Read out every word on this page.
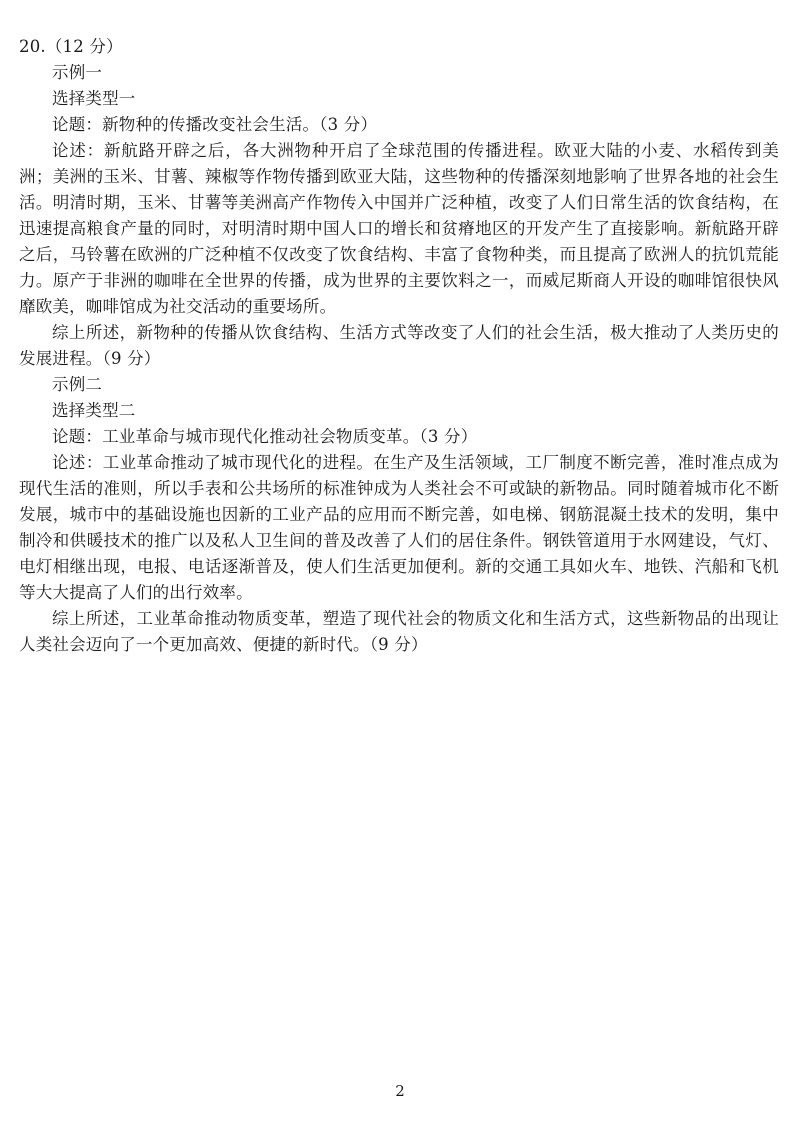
20.（12 分）
示例一
选择类型一
论题：新物种的传播改变社会生活。（3 分）
论述：新航路开辟之后，各大洲物种开启了全球范围的传播进程。欧亚大陆的小麦、水稻传到美洲；美洲的玉米、甘薯、辣椒等作物传播到欧亚大陆，这些物种的传播深刻地影响了世界各地的社会生活。明清时期，玉米、甘薯等美洲高产作物传入中国并广泛种植，改变了人们日常生活的饮食结构，在迅速提高粮食产量的同时，对明清时期中国人口的增长和贫瘠地区的开发产生了直接影响。新航路开辟之后，马铃薯在欧洲的广泛种植不仅改变了饮食结构、丰富了食物种类，而且提高了欧洲人的抗饥荒能力。原产于非洲的咖啡在全世界的传播，成为世界的主要饮料之一，而威尼斯商人开设的咖啡馆很快风靡欧美，咖啡馆成为社交活动的重要场所。
综上所述，新物种的传播从饮食结构、生活方式等改变了人们的社会生活，极大推动了人类历史的发展进程。（9 分）
示例二
选择类型二
论题：工业革命与城市现代化推动社会物质变革。（3 分）
论述：工业革命推动了城市现代化的进程。在生产及生活领域，工厂制度不断完善，准时准点成为现代生活的准则，所以手表和公共场所的标准钟成为人类社会不可或缺的新物品。同时随着城市化不断发展，城市中的基础设施也因新的工业产品的应用而不断完善，如电梯、钢筋混凝土技术的发明，集中制冷和供暖技术的推广以及私人卫生间的普及改善了人们的居住条件。钢铁管道用于水网建设，气灯、电灯相继出现，电报、电话逐渐普及，使人们生活更加便利。新的交通工具如火车、地铁、汽船和飞机等大大提高了人们的出行效率。
综上所述，工业革命推动物质变革，塑造了现代社会的物质文化和生活方式，这些新物品的出现让人类社会迈向了一个更加高效、便捷的新时代。（9 分）
2
